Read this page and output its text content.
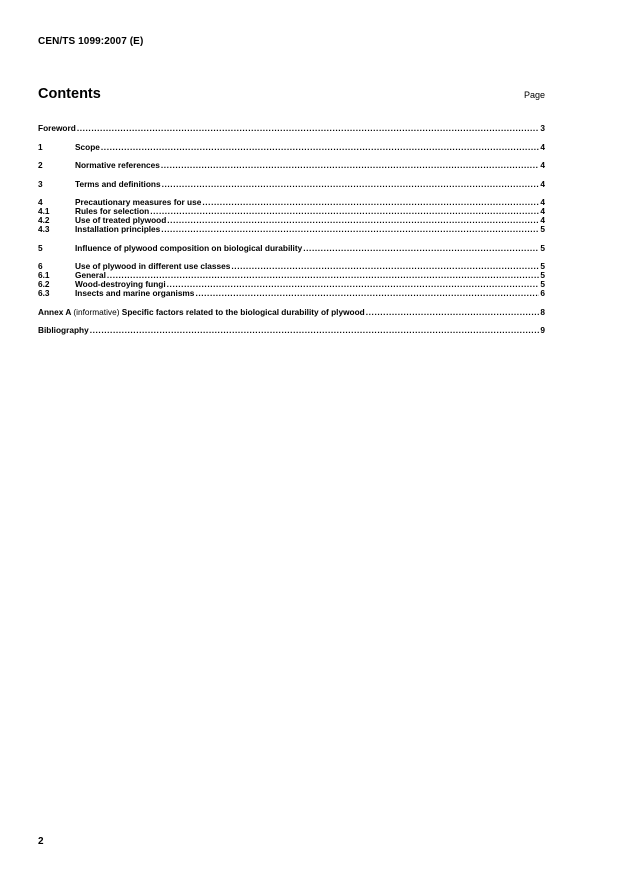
CEN/TS 1099:2007 (E)
Contents	Page
Foreword .....	3
1	Scope .....	4
2	Normative references .....	4
3	Terms and definitions .....	4
4	Precautionary measures for use .....	4
4.1	Rules for selection .....	4
4.2	Use of treated plywood .....	4
4.3	Installation principles .....	5
5	Influence of plywood composition on biological durability .....	5
6	Use of plywood in different use classes .....	5
6.1	General .....	5
6.2	Wood-destroying fungi .....	5
6.3	Insects and marine organisms .....	6
Annex A (informative) Specific factors related to the biological durability of plywood .....	8
Bibliography .....	9
2
